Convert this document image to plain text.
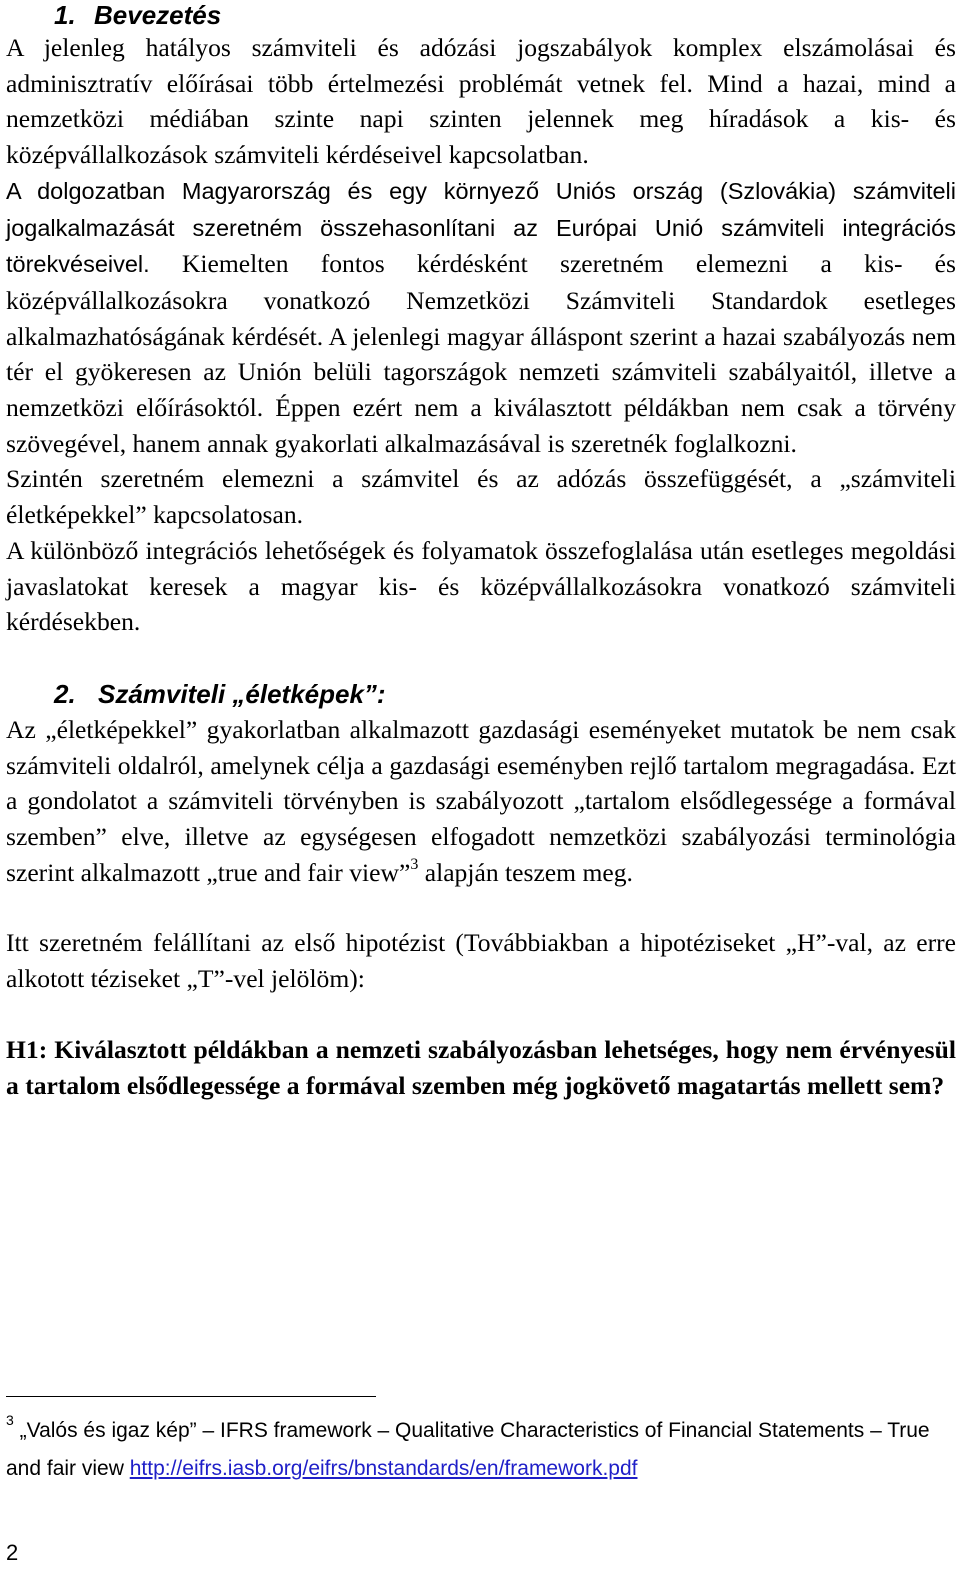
1. Bevezetés

A jelenleg hatályos számviteli és adózási jogszabályok komplex elszámolásai és adminisztratív előírásai több értelmezési problémát vetnek fel. Mind a hazai, mind a nemzetközi médiában szinte napi szinten jelennek meg híradások a kis- és középvállalkozások számviteli kérdéseivel kapcsolatban.

A dolgozatban Magyarország és egy környező Uniós ország (Szlovákia) számviteli jogalkalmazását szeretném összehasonlítani az Európai Unió számviteli integrációs törekvéseivel. Kiemelten fontos kérdésként szeretném elemezni a kis- és középvállalkozásokra vonatkozó Nemzetközi Számviteli Standardok esetleges alkalmazhatóságának kérdését. A jelenlegi magyar álláspont szerint a hazai szabályozás nem tér el gyökeresen az Unión belüli tagországok nemzeti számviteli szabályaitól, illetve a nemzetközi előírásoktól. Éppen ezért nem a kiválasztott példákban nem csak a törvény szövegével, hanem annak gyakorlati alkalmazásával is szeretnék foglalkozni.

Szintén szeretném elemezni a számvitel és az adózás összefüggését, a „számviteli életképekkel” kapcsolatosan.

A különböző integrációs lehetőségek és folyamatok összefoglalása után esetleges megoldási javaslatokat keresek a magyar kis- és középvállalkozásokra vonatkozó számviteli kérdésekben.

2. Számviteli „életképek”:

Az „életképekkel” gyakorlatban alkalmazott gazdasági eseményeket mutatok be nem csak számviteli oldalról, amelynek célja a gazdasági eseményben rejlő tartalom megragadása. Ezt a gondolatot a számviteli törvényben is szabályozott „tartalom elsődlegessége a formával szemben” elve, illetve az egységesen elfogadott nemzetközi szabályozási terminológia szerint alkalmazott „true and fair view”$^3$ alapján teszem meg.

Itt szeretném felállítani az első hipotézist (Továbbiakban a hipotéziseket „H”-val, az erre alkotott téziseket „T”-vel jelölöm):

H1: Kiválasztott példákban a nemzeti szabályozásban lehetséges, hogy nem érvényesül a tartalom elsődlegessége a formával szemben még jogkövető magatartás mellett sem?

$^3$ „Valós és igaz kép” – IFRS framework – Qualitative Characteristics of Financial Statements – True and fair view http://eifrs.iasb.org/eifrs/bnstandards/en/framework.pdf
2
